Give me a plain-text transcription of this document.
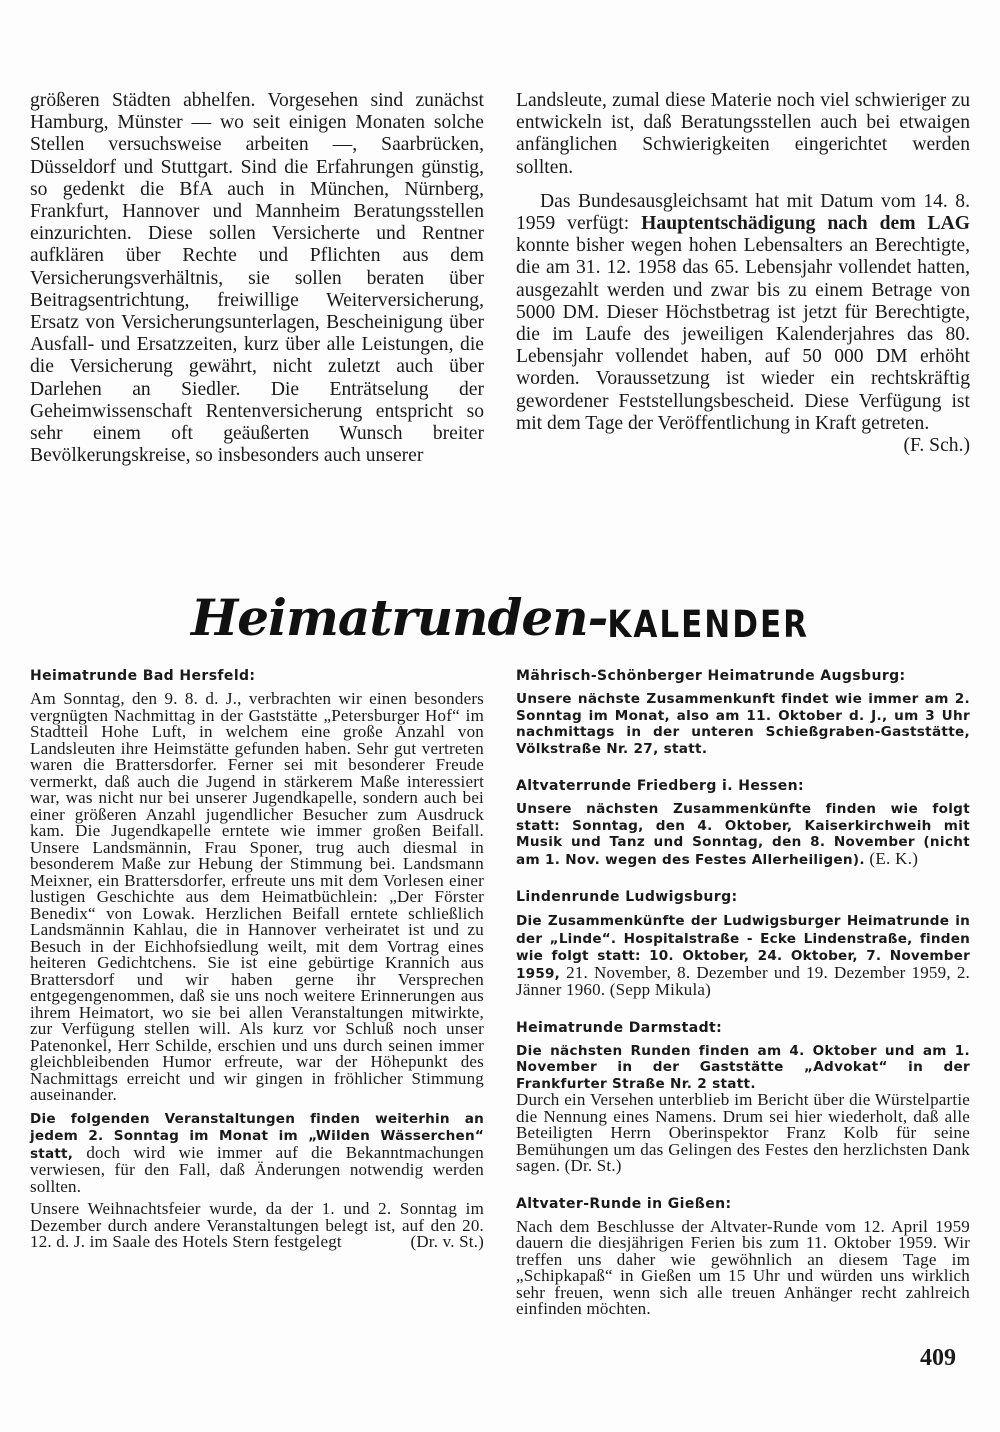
größeren Städten abhelfen. Vorgesehen sind zunächst Hamburg, Münster — wo seit einigen Monaten solche Stellen versuchsweise arbeiten —, Saarbrücken, Düsseldorf und Stuttgart. Sind die Erfahrungen günstig, so gedenkt die BfA auch in München, Nürnberg, Frankfurt, Hannover und Mannheim Beratungsstellen einzurichten. Diese sollen Versicherte und Rentner aufklären über Rechte und Pflichten aus dem Versicherungsverhältnis, sie sollen beraten über Beitragsentrichtung, freiwillige Weiterversicherung, Ersatz von Versicherungsunterlagen, Bescheinigung über Ausfall- und Ersatzzeiten, kurz über alle Leistungen, die die Versicherung gewährt, nicht zuletzt auch über Darlehen an Siedler. Die Enträtselung der Geheimwissenschaft Rentenversicherung entspricht so sehr einem oft geäußerten Wunsch breiter Bevölkerungskreise, so insbesonders auch unserer

Landsleute, zumal diese Materie noch viel schwieriger zu entwickeln ist, daß Beratungsstellen auch bei etwaigen anfänglichen Schwierigkeiten eingerichtet werden sollten.

Das Bundesausgleichsamt hat mit Datum vom 14. 8. 1959 verfügt: Hauptentschädigung nach dem LAG konnte bisher wegen hohen Lebensalters an Berechtigte, die am 31. 12. 1958 das 65. Lebensjahr vollendet hatten, ausgezahlt werden und zwar bis zu einem Betrage von 5000 DM. Dieser Höchstbetrag ist jetzt für Berechtigte, die im Laufe des jeweiligen Kalenderjahres das 80. Lebensjahr vollendet haben, auf 50 000 DM erhöht worden. Voraussetzung ist wieder ein rechtskräftig gewordener Feststellungsbescheid. Diese Verfügung ist mit dem Tage der Veröffentlichung in Kraft getreten.
(F. Sch.)

Heimatrunden-KALENDER
Heimatrunde Bad Hersfeld:

Am Sonntag, den 9. 8. d. J., verbrachten wir einen besonders vergnügten Nachmittag in der Gaststätte „Petersburger Hof“ im Stadtteil Hohe Luft, in welchem eine große Anzahl von Landsleuten ihre Heimstätte gefunden haben. Sehr gut vertreten waren die Brattersdorfer. Ferner sei mit besonderer Freude vermerkt, daß auch die Jugend in stärkerem Maße interessiert war, was nicht nur bei unserer Jugendkapelle, sondern auch bei einer größeren Anzahl jugendlicher Besucher zum Ausdruck kam. Die Jugendkapelle erntete wie immer großen Beifall. Unsere Landsmännin, Frau Sponer, trug auch diesmal in besonderem Maße zur Hebung der Stimmung bei. Landsmann Meixner, ein Brattersdorfer, erfreute uns mit dem Vorlesen einer lustigen Geschichte aus dem Heimatbüchlein: „Der Förster Benedix“ von Lowak. Herzlichen Beifall erntete schließlich Landsmännin Kahlau, die in Hannover verheiratet ist und zu Besuch in der Eichhofsiedlung weilt, mit dem Vortrag eines heiteren Gedichtchens. Sie ist eine gebürtige Krannich aus Brattersdorf und wir haben gerne ihr Versprechen entgegengenommen, daß sie uns noch weitere Erinnerungen aus ihrem Heimatort, wo sie bei allen Veranstaltungen mitwirkte, zur Verfügung stellen will. Als kurz vor Schluß noch unser Patenonkel, Herr Schilde, erschien und uns durch seinen immer gleichbleibenden Humor erfreute, war der Höhepunkt des Nachmittags erreicht und wir gingen in fröhlicher Stimmung auseinander.

Die folgenden Veranstaltungen finden weiterhin an jedem 2. Sonntag im Monat im „Wilden Wässerchen“ statt, doch wird wie immer auf die Bekanntmachungen verwiesen, für den Fall, daß Änderungen notwendig werden sollten.

Unsere Weihnachtsfeier wurde, da der 1. und 2. Sonntag im Dezember durch andere Veranstaltungen belegt ist, auf den 20. 12. d. J. im Saale des Hotels Stern festgelegt	(Dr. v. St.)

Mährisch-Schönberger Heimatrunde Augsburg:

Unsere nächste Zusammenkunft findet wie immer am 2. Sonntag im Monat, also am 11. Oktober d. J., um 3 Uhr nachmittags in der unteren Schießgraben-Gaststätte, Völkstraße Nr. 27, statt.

Altvaterrunde Friedberg i. Hessen:

Unsere nächsten Zusammenkünfte finden wie folgt statt: Sonntag, den 4. Oktober, Kaiserkirchweih mit Musik und Tanz und Sonntag, den 8. November (nicht am 1. Nov. wegen des Festes Allerheiligen). (E. K.)

Lindenrunde Ludwigsburg:

Die Zusammenkünfte der Ludwigsburger Heimatrunde in der „Linde“. Hospitalstraße - Ecke Lindenstraße, finden wie folgt statt: 10. Oktober, 24. Oktober, 7. November 1959, 21. November, 8. Dezember und 19. Dezember 1959, 2. Jänner 1960. (Sepp Mikula)

Heimatrunde Darmstadt:

Die nächsten Runden finden am 4. Oktober und am 1. November in der Gaststätte „Advokat“ in der Frankfurter Straße Nr. 2 statt.

Durch ein Versehen unterblieb im Bericht über die Würstelpartie die Nennung eines Namens. Drum sei hier wiederholt, daß alle Beteiligten Herrn Oberinspektor Franz Kolb für seine Bemühungen um das Gelingen des Festes den herzlichsten Dank sagen. (Dr. St.)

Altvater-Runde in Gießen:

Nach dem Beschlusse der Altvater-Runde vom 12. April 1959 dauern die diesjährigen Ferien bis zum 11. Oktober 1959. Wir treffen uns daher wie gewöhnlich an diesem Tage im „Schipkapaß“ in Gießen um 15 Uhr und würden uns wirklich sehr freuen, wenn sich alle treuen Anhänger recht zahlreich einfinden möchten.

409
